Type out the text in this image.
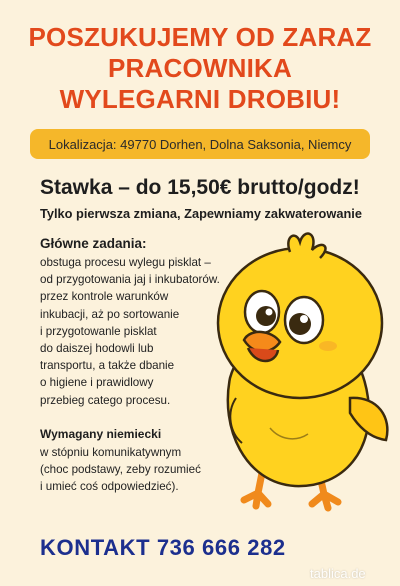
POSZUKUJEMY OD ZARAZ
PRACOWNIKA
WYLEGARNI DROBIU!
Lokalizacja: 49770 Dorhen, Dolna Saksonia, Niemcy
Stawka – do 15,50€ brutto/godz!
Tylko pierwsza zmiana, Zapewniamy zakwaterowanie
Główne zadania:
obstuga procesu wylegu pisklat –
od przygotowania jaj i inkubatorów.
przez kontrole warunków
inkubacji, aż po sortowanie
i przygotowanle pisklat
do daiszej hodowli lub
transportu, a także dbanie
o higiene i prawidlowy
przebieg catego procesu.
Wymagany niemiecki
w stópniu komunikatywnym
(choc podstawy, zeby rozumieć
i umieć coś odpowiedzieć).
KONTAKT 736 666 282
tablica.de
